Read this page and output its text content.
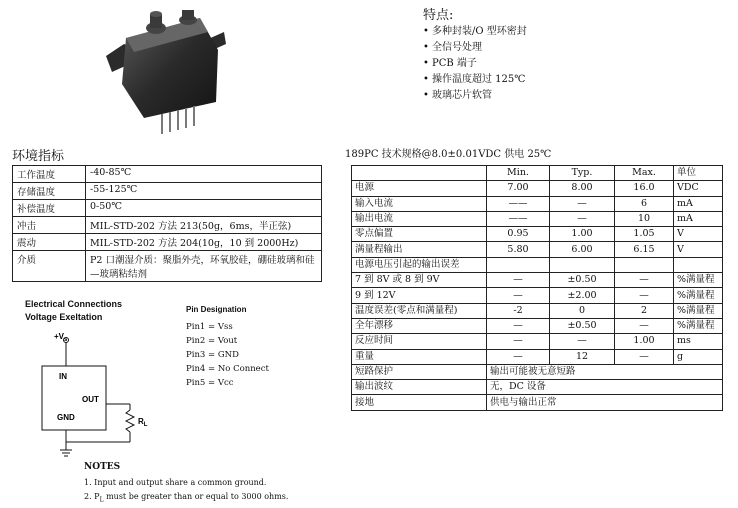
特点:
• 多种封装/O 型环密封
• 全信号处理
• PCB 端子
• 操作温度超过 125℃
• 玻璃芯片软管
环境指标
工作温度	-40-85℃
存储温度	-55-125℃
补偿温度	0-50℃
冲击	MIL-STD-202 方法 213(50g，6ms，半正弦)
震动	MIL-STD-202 方法 204(10g，10 到 2000Hz)
介质	P2 口潮湿介质：聚脂外壳，环氧胶硅，硼硅玻璃和硅—玻璃粘结剂
189PC 技术规格@8.0±0.01VDC 供电 25℃
	Min.	Typ.	Max.	单位
电源	7.00	8.00	16.0	VDC
输入电流	——	—	6	mA
输出电流	——	—	10	mA
零点偏置	0.95	1.00	1.05	V
满量程输出	5.80	6.00	6.15	V
电源电压引起的输出误差				
7 到 8V 或 8 到 9V	—	±0.50	—	%满量程
9 到 12V	—	±2.00	—	%满量程
温度误差(零点和满量程)	-2	0	2	%满量程
全年漂移	—	±0.50	—	%满量程
反应时间	—	—	1.00	ms
重量	—	12	—	g
短路保护	输出可能被无意短路			
输出波纹	无，DC 设备			
接地	供电与输出正常			
Electrical Connections
Voltage Exeltation
$+V_s$
IN
OUT
GND	$R_L$
Pin Designation
Pin1 = Vss
Pin2 = Vout
Pin3 = GND
Pin4 = No Connect
Pin5 = Vcc
NOTES
1. Input and output share a common ground.
2. $P_L$ must be greater than or equal to 3000 ohms.
